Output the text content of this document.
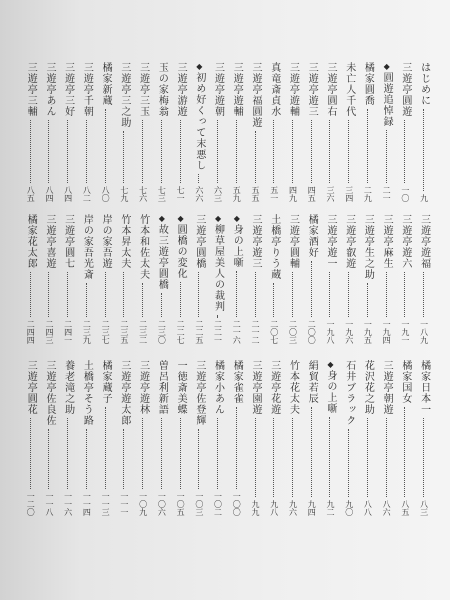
はじめに
九
三遊亭圓遊
一〇
◆ 圓遊追悼録
二一
橘家圓喬
二九
未亡人千代
三四
三遊亭圓右
三六
三遊亭遊三
四五
三遊亭遊輔
四九
真竜斎貞水
五一
三遊亭福圓遊
五五
三遊亭遊輔
五九
三遊亭遊朝
六三
◆ 初め好くって末悪し
六六
三遊亭游遊
七一
玉の家梅翁
七三
三遊亭三玉
七六
三遊亭三之助
七九
橘家新蔵
八〇
三遊亭千朝
八二
三遊亭三好
八四
三遊亭あん
八四
三遊亭三輔
八五
三遊亭遊福
一八九
三遊亭遊六
一九一
三遊亭麻生
一九四
三遊亭生之助
一九五
三遊亭叡遊
一九六
三遊亭遊一
一九八
橘家酒好
二〇〇
三遊亭圓輔
二〇三
土橋亭りう蔵
二〇七
三遊亭遊三
二一二
◆ 身の上噺
二一六
◆ 柳草屋美人の裁判
二二一
三遊亭圓橋
二二五
◆ 圓橋の変化
二二七
◆ 故三遊亭圓橋
二三〇
竹本和佐太夫
二三二
竹本昇太夫
二三五
岸の家吾遊
二三七
岸の家吾光斎
二三九
三遊亭圓七
二四一
三遊亭喜遊
二四三
橘家花太郎
二四四
橘家日本一
八三
橘家国女
八五
三遊亭朝遊
八六
花沢花之助
八八
石井ブラック
九〇
◆ 身の上噺
九二
絹貿若辰
九四
竹本花太夫
九六
三遊亭花遊
九八
三遊亭園遊
九九
橘家雀雀
一〇〇
橘家小あん
一〇二
三遊亭佐登輝
一〇三
一徳斎美蝶
一〇五
曽呂利新語
一〇六
三遊亭遊林
一〇九
三遊亭遊太郎
一一一
橘家蔵子
一一三
土橋亭そう路
一一四
養老滝之助
一一六
三遊亭佐良佐
一一八
三遊亭圓花
一二〇
